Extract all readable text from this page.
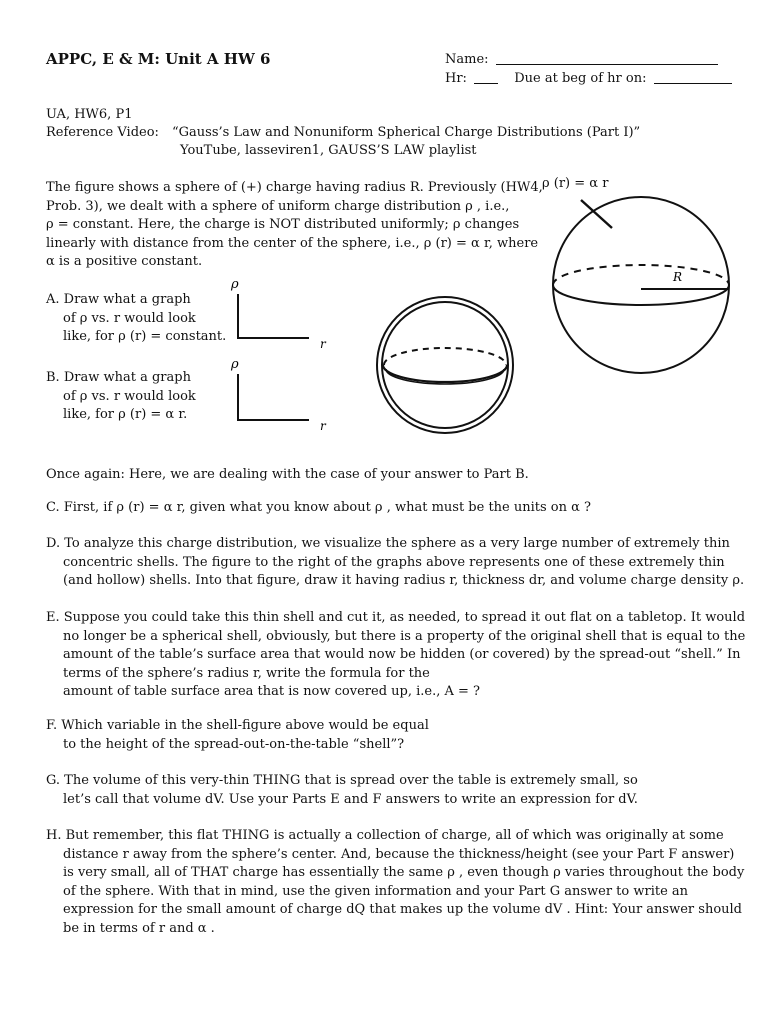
APPC, E & M: Unit A HW 6	Name:
Hr:	Due at beg of hr on:
UA, HW6, P1
Reference Video: “Gauss’s Law and Nonuniform Spherical Charge Distributions (Part I)”
YouTube, lasseviren1, GAUSS’S LAW playlist
The figure shows a sphere of (+) charge having radius R. Previously (HW4,
Prob. 3), we dealt with a sphere of uniform charge distribution ρ , i.e.,
ρ = constant. Here, the charge is NOT distributed uniformly; ρ changes
linearly with distance from the center of the sphere, i.e., ρ (r) = α r, where
α is a positive constant.
A. Draw what a graph
of ρ vs. r would look
like, for ρ (r) = constant.
B. Draw what a graph
of ρ vs. r would look
like, for ρ (r) = α r.
ρ
r
ρ
r
ρ (r) = α r
R
Once again: Here, we are dealing with the case of your answer to Part B.
C. First, if ρ (r) = α r, given what you know about ρ , what must be the units on α ?
D. To analyze this charge distribution, we visualize the sphere as a very large number of extremely thin
concentric shells. The figure to the right of the graphs above represents one of these extremely thin
(and hollow) shells. Into that figure, draw it having radius r, thickness dr, and volume charge density ρ.
E. Suppose you could take this thin shell and cut it, as needed, to spread it out flat on a tabletop. It would
no longer be a spherical shell, obviously, but there is a property of the original shell that is equal to the
amount of the table’s surface area that would now be hidden (or covered) by the spread-out “shell.” In
terms of the sphere’s radius r, write the formula for the
amount of table surface area that is now covered up, i.e., A = ?
F. Which variable in the shell-figure above would be equal
to the height of the spread-out-on-the-table “shell”?
G. The volume of this very-thin THING that is spread over the table is extremely small, so
let’s call that volume dV. Use your Parts E and F answers to write an expression for dV.
H. But remember, this flat THING is actually a collection of charge, all of which was originally at some
distance r away from the sphere’s center. And, because the thickness/height (see your Part F answer)
is very small, all of THAT charge has essentially the same ρ , even though ρ varies throughout the body
of the sphere. With that in mind, use the given information and your Part G answer to write an
expression for the small amount of charge dQ that makes up the volume dV . Hint: Your answer should
be in terms of r and α .
